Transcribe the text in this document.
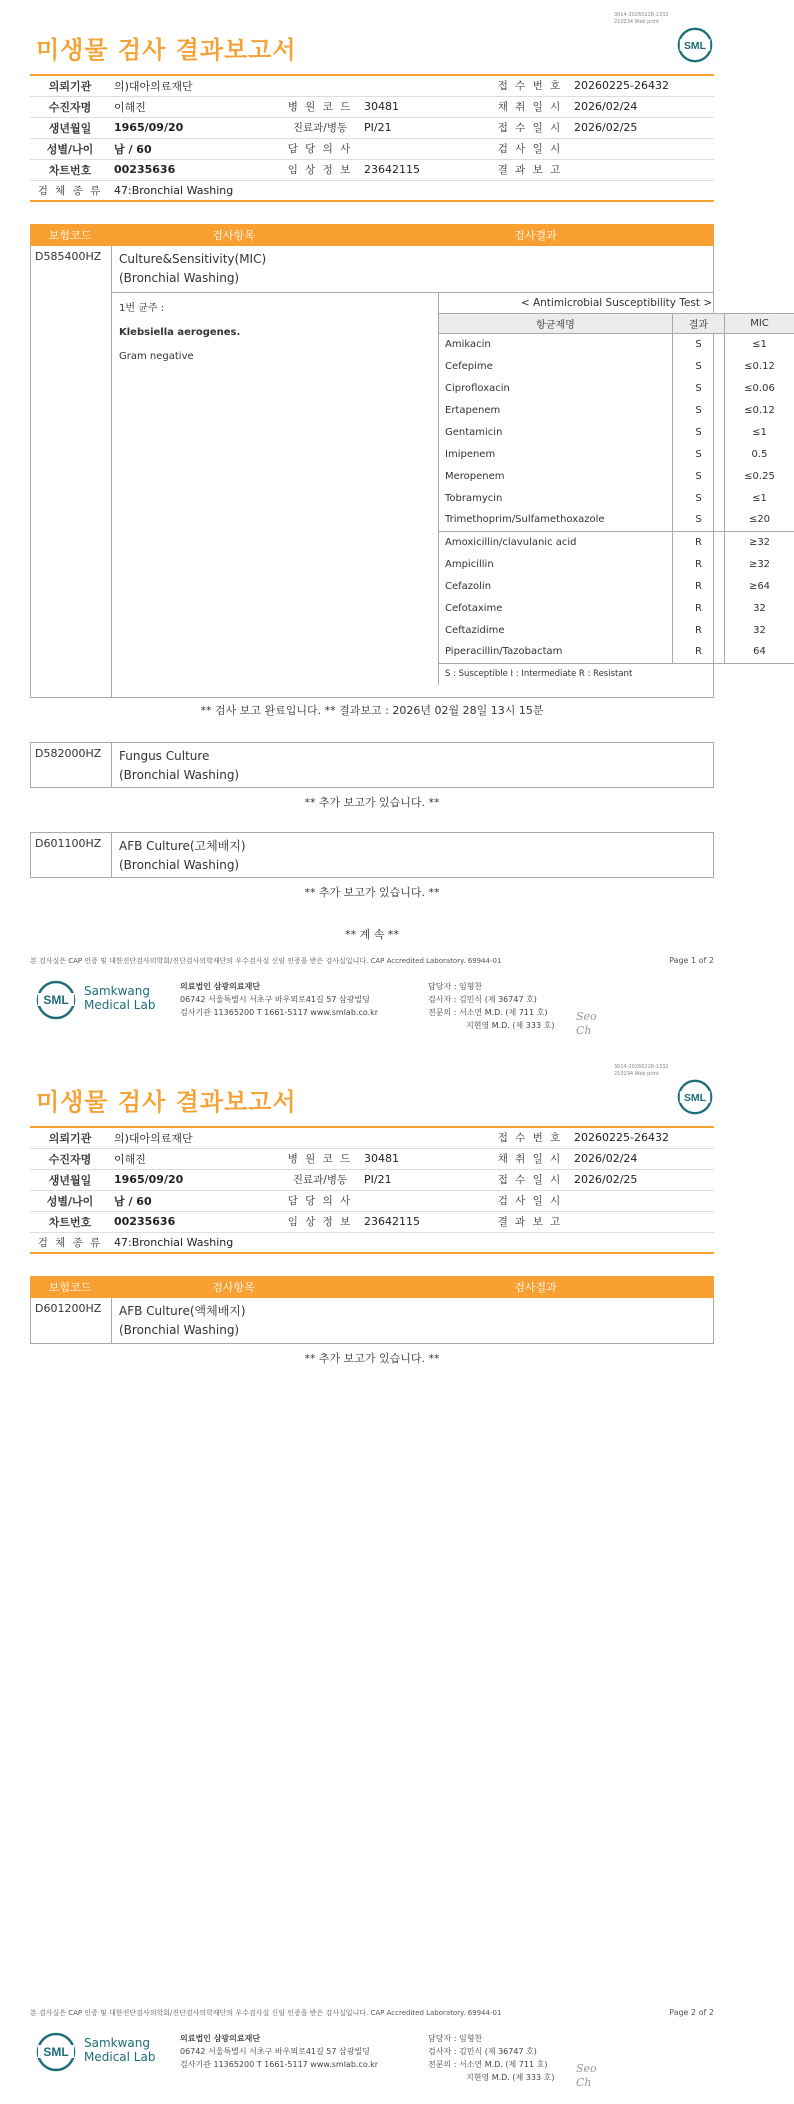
3014-20260228-1332
210234 Web print
미생물 검사 결과보고서	SML
의뢰기관	의)대아의료재단			접 수 번 호	20260225-26432
수진자명	이해진	병 원 코 드	30481	채 취 일 시	2026/02/24
생년월일	1965/09/20	진료과/병동	PI/21	접 수 일 시	2026/02/25
성별/나이	남 / 60	담 당 의 사		검 사 일 시	
차트번호	00235636	임 상 정 보	23642115	결 과 보 고	
검 체 종 류	47:Bronchial Washing				
보험코드	검사항목	검사결과
D585400HZ Culture&Sensitivity(MIC)
(Bronchial Washing)
1번 균주 :
Klebsiella aerogenes.
Gram negative
< Antimicrobial Susceptibility Test >		
항균제명	결과	MIC
Amikacin	S	≤1
Cefepime	S	≤0.12
Ciprofloxacin	S	≤0.06
Ertapenem	S	≤0.12
Gentamicin	S	≤1
Imipenem	S	0.5
Meropenem	S	≤0.25
Tobramycin	S	≤1
Trimethoprim/Sulfamethoxazole	S	≤20
Amoxicillin/clavulanic acid	R	≥32
Ampicillin	R	≥32
Cefazolin	R	≥64
Cefotaxime	R	32
Ceftazidime	R	32
Piperacillin/Tazobactam	R	64
S : Susceptible I : Intermediate R : Resistant		
** 검사 보고 완료입니다. ** 결과보고 : 2026년 02월 28일 13시 15분
D582000HZ Fungus Culture
(Bronchial Washing)
** 추가 보고가 있습니다. **
D601100HZ AFB Culture(고체배지)
(Bronchial Washing)
** 추가 보고가 있습니다. **
** 계 속 **
본 검사실은 CAP 인증 및 대한진단검사의학회/진단검사의학재단의 우수검사실 신임 인증을 받은 검사실입니다. CAP Accredited Laboratory. 69944-01	Page 1 of 2
SML
Samkwang
Medical Lab
의료법인 삼광의료재단
06742 서울특별시 서초구 바우뫼로41길 57 삼광빌딩
검사기관 11365200 T 1661-5117 www.smlab.co.kr
담당자 : 임형찬
검사자 : 김민식 (제 36747 호)
전문의 : 서소연 M.D. (제 711 호)
지현영 M.D. (제 333 호)
Seo
Ch
3014-20260228-1332
210234 Web print
미생물 검사 결과보고서	SML
의뢰기관	의)대아의료재단			접 수 번 호	20260225-26432
수진자명	이해진	병 원 코 드	30481	채 취 일 시	2026/02/24
생년월일	1965/09/20	진료과/병동	PI/21	접 수 일 시	2026/02/25
성별/나이	남 / 60	담 당 의 사		검 사 일 시	
차트번호	00235636	임 상 정 보	23642115	결 과 보 고	
검 체 종 류	47:Bronchial Washing				
보험코드	검사항목	검사결과
D601200HZ AFB Culture(액체배지)
(Bronchial Washing)
** 추가 보고가 있습니다. **
본 검사실은 CAP 인증 및 대한진단검사의학회/진단검사의학재단의 우수검사실 신임 인증을 받은 검사실입니다. CAP Accredited Laboratory. 69944-01	Page 2 of 2
SML
Samkwang
Medical Lab
의료법인 삼광의료재단
06742 서울특별시 서초구 바우뫼로41길 57 삼광빌딩
검사기관 11365200 T 1661-5117 www.smlab.co.kr
담당자 : 임형찬
검사자 : 김민식 (제 36747 호)
전문의 : 서소연 M.D. (제 711 호)
지현영 M.D. (제 333 호)
Seo
Ch
